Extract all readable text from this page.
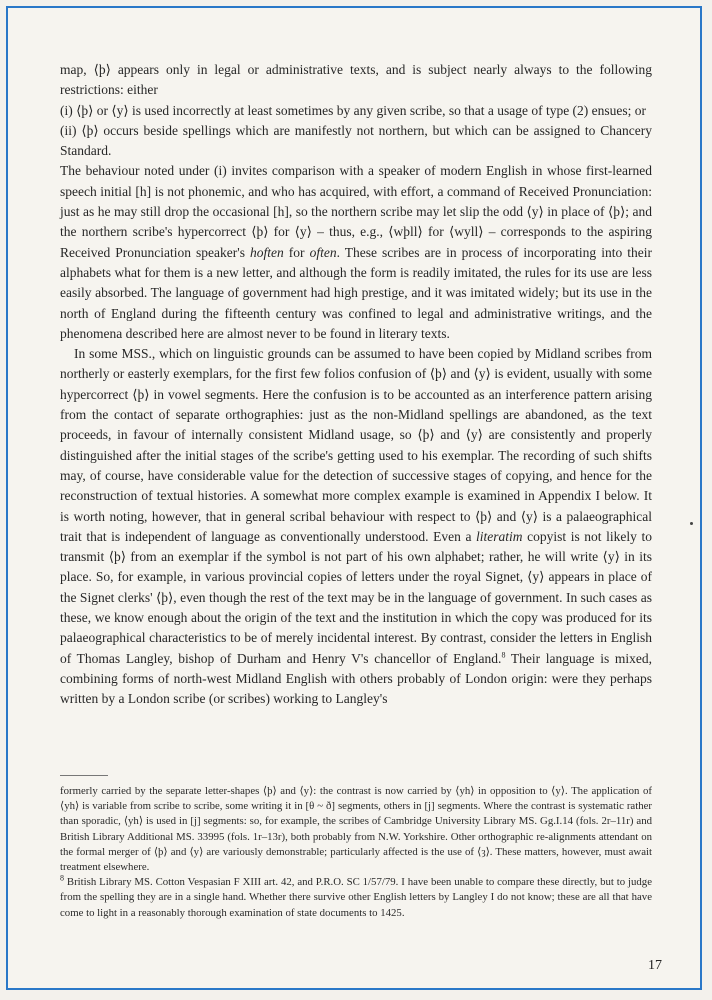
map, ⟨þ⟩ appears only in legal or administrative texts, and is subject nearly always to the following restrictions: either

(i) ⟨þ⟩ or ⟨y⟩ is used incorrectly at least sometimes by any given scribe, so that a usage of type (2) ensues; or

(ii) ⟨þ⟩ occurs beside spellings which are manifestly not northern, but which can be assigned to Chancery Standard.

The behaviour noted under (i) invites comparison with a speaker of modern English in whose first-learned speech initial [h] is not phonemic, and who has acquired, with effort, a command of Received Pronunciation: just as he may still drop the occasional [h], so the northern scribe may let slip the odd ⟨y⟩ in place of ⟨þ⟩; and the northern scribe's hypercorrect ⟨þ⟩ for ⟨y⟩ – thus, e.g., ⟨wþll⟩ for ⟨wyll⟩ – corresponds to the aspiring Received Pronunciation speaker's hoften for often. These scribes are in process of incorporating into their alphabets what for them is a new letter, and although the form is readily imitated, the rules for its use are less easily absorbed. The language of government had high prestige, and it was imitated widely; but its use in the north of England during the fifteenth century was confined to legal and administrative writings, and the phenomena described here are almost never to be found in literary texts.

In some MSS., which on linguistic grounds can be assumed to have been copied by Midland scribes from northerly or easterly exemplars, for the first few folios confusion of ⟨þ⟩ and ⟨y⟩ is evident, usually with some hypercorrect ⟨þ⟩ in vowel segments. Here the confusion is to be accounted as an interference pattern arising from the contact of separate orthographies: just as the non-Midland spellings are abandoned, as the text proceeds, in favour of internally consistent Midland usage, so ⟨þ⟩ and ⟨y⟩ are consistently and properly distinguished after the initial stages of the scribe's getting used to his exemplar. The recording of such shifts may, of course, have considerable value for the detection of successive stages of copying, and hence for the reconstruction of textual histories. A somewhat more complex example is examined in Appendix I below. It is worth noting, however, that in general scribal behaviour with respect to ⟨þ⟩ and ⟨y⟩ is a palaeographical trait that is independent of language as conventionally understood. Even a literatim copyist is not likely to transmit ⟨þ⟩ from an exemplar if the symbol is not part of his own alphabet; rather, he will write ⟨y⟩ in its place. So, for example, in various provincial copies of letters under the royal Signet, ⟨y⟩ appears in place of the Signet clerks' ⟨þ⟩, even though the rest of the text may be in the language of government. In such cases as these, we know enough about the origin of the text and the institution in which the copy was produced for its palaeographical characteristics to be of merely incidental interest. By contrast, consider the letters in English of Thomas Langley, bishop of Durham and Henry V's chancellor of England.$^8$ Their language is mixed, combining forms of north-west Midland English with others probably of London origin: were they perhaps written by a London scribe (or scribes) working to Langley's

formerly carried by the separate letter-shapes ⟨þ⟩ and ⟨y⟩: the contrast is now carried by ⟨yh⟩ in opposition to ⟨y⟩. The application of ⟨yh⟩ is variable from scribe to scribe, some writing it in [θ ~ ð] segments, others in [j] segments. Where the contrast is systematic rather than sporadic, ⟨yh⟩ is used in [j] segments: so, for example, the scribes of Cambridge University Library MS. Gg.I.14 (fols. 2r–11r) and British Library Additional MS. 33995 (fols. 1r–13r), both probably from N.W. Yorkshire. Other orthographic re-alignments attendant on the formal merger of ⟨þ⟩ and ⟨y⟩ are variously demonstrable; particularly affected is the use of ⟨ȝ⟩. These matters, however, must await treatment elsewhere.

$^8$ British Library MS. Cotton Vespasian F XIII art. 42, and P.R.O. SC 1/57/79. I have been unable to compare these directly, but to judge from the spelling they are in a single hand. Whether there survive other English letters by Langley I do not know; these are all that have come to light in a reasonably thorough examination of state documents to 1425.

17
